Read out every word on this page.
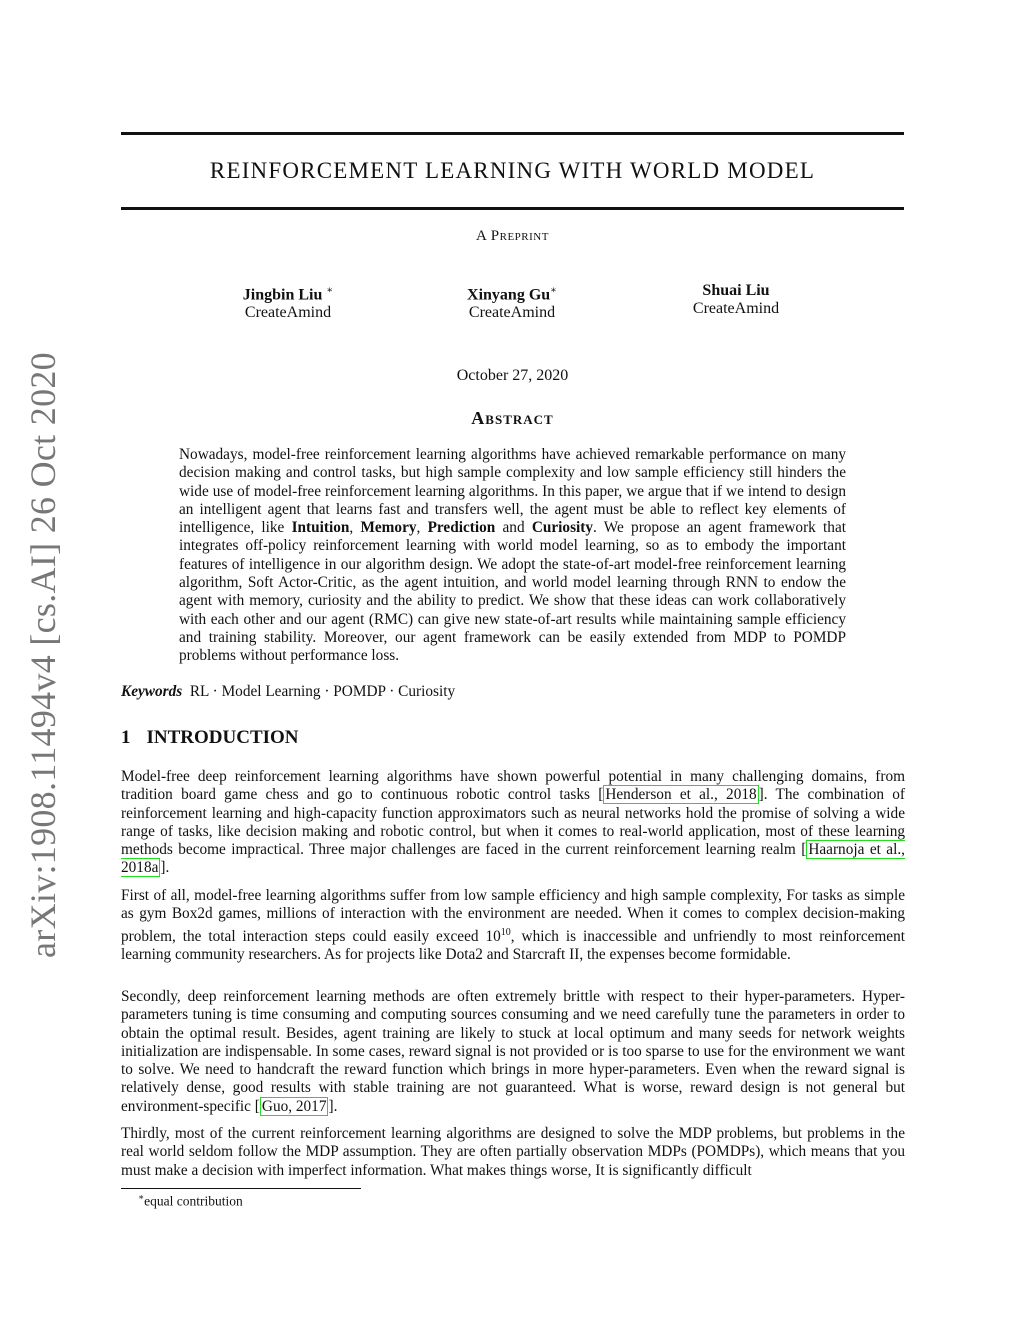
arXiv:1908.11494v4 [cs.AI] 26 Oct 2020
REINFORCEMENT LEARNING WITH WORLD MODEL
A Preprint
Jingbin Liu ∗
CreateAmind
Xinyang Gu∗
CreateAmind
Shuai Liu
CreateAmind
October 27, 2020
Abstract
Nowadays, model-free reinforcement learning algorithms have achieved remarkable performance on many decision making and control tasks, but high sample complexity and low sample efficiency still hinders the wide use of model-free reinforcement learning algorithms. In this paper, we argue that if we intend to design an intelligent agent that learns fast and transfers well, the agent must be able to reflect key elements of intelligence, like Intuition, Memory, Prediction and Curiosity. We propose an agent framework that integrates off-policy reinforcement learning with world model learning, so as to embody the important features of intelligence in our algorithm design. We adopt the state-of-art model-free reinforcement learning algorithm, Soft Actor-Critic, as the agent intuition, and world model learning through RNN to endow the agent with memory, curiosity and the ability to predict. We show that these ideas can work collaboratively with each other and our agent (RMC) can give new state-of-art results while maintaining sample efficiency and training stability. Moreover, our agent framework can be easily extended from MDP to POMDP problems without performance loss.
Keywords RL · Model Learning · POMDP · Curiosity
1 INTRODUCTION

Model-free deep reinforcement learning algorithms have shown powerful potential in many challenging domains, from tradition board game chess and go to continuous robotic control tasks [ Henderson et al., 2018 ]. The combination of reinforcement learning and high-capacity function approximators such as neural networks hold the promise of solving a wide range of tasks, like decision making and robotic control, but when it comes to real-world application, most of these learning methods become impractical. Three major challenges are faced in the current reinforcement learning realm [ Haarnoja et al., 2018a ].

First of all, model-free learning algorithms suffer from low sample efficiency and high sample complexity, For tasks as simple as gym Box2d games, millions of interaction with the environment are needed. When it comes to complex decision-making problem, the total interaction steps could easily exceed $10^{10}$, which is inaccessible and unfriendly to most reinforcement learning community researchers. As for projects like Dota2 and Starcraft II, the expenses become formidable.

Secondly, deep reinforcement learning methods are often extremely brittle with respect to their hyper-parameters. Hyper-parameters tuning is time consuming and computing sources consuming and we need carefully tune the parameters in order to obtain the optimal result. Besides, agent training are likely to stuck at local optimum and many seeds for network weights initialization are indispensable. In some cases, reward signal is not provided or is too sparse to use for the environment we want to solve. We need to handcraft the reward function which brings in more hyper-parameters. Even when the reward signal is relatively dense, good results with stable training are not guaranteed. What is worse, reward design is not general but environment-specific [ Guo, 2017 ].

Thirdly, most of the current reinforcement learning algorithms are designed to solve the MDP problems, but problems in the real world seldom follow the MDP assumption. They are often partially observation MDPs (POMDPs), which means that you must make a decision with imperfect information. What makes things worse, It is significantly difficult

∗equal contribution
